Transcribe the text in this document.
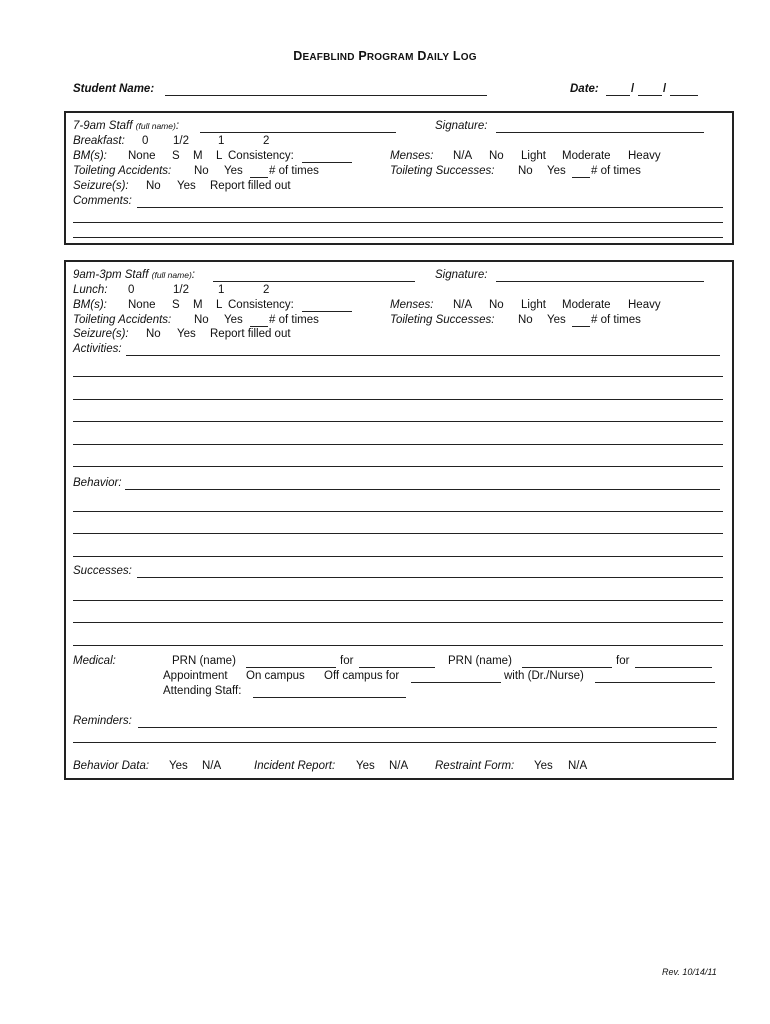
DEAFBLIND PROGRAM DAILY LOG
Student Name:	Date:	/	/
7-9am Staff (full name):	Signature:
Breakfast: 0 1/2	1	2
BM(s): None S M L Consistency:	Menses: N/A No Light Moderate Heavy
Toileting Accidents: No Yes # of times	Toileting Successes: No Yes # of times
Seizure(s): No Yes Report filled out
Comments:
9am-3pm Staff (full name):	Signature:
Lunch: 0	1/2	1	2
BM(s): None S M L Consistency:	Menses: N/A No Light Moderate Heavy
Toileting Accidents: No Yes # of times	Toileting Successes: No Yes # of times
Seizure(s): No Yes Report filled out
Activities:
Behavior:
Successes:
Medical:	PRN (name)	for	PRN (name)	for
Appointment On campus Off campus for	with (Dr./Nurse)
Attending Staff:
Reminders:
Behavior Data: Yes N/A	Incident Report: Yes N/A Restraint Form: Yes N/A
Rev. 10/14/11
